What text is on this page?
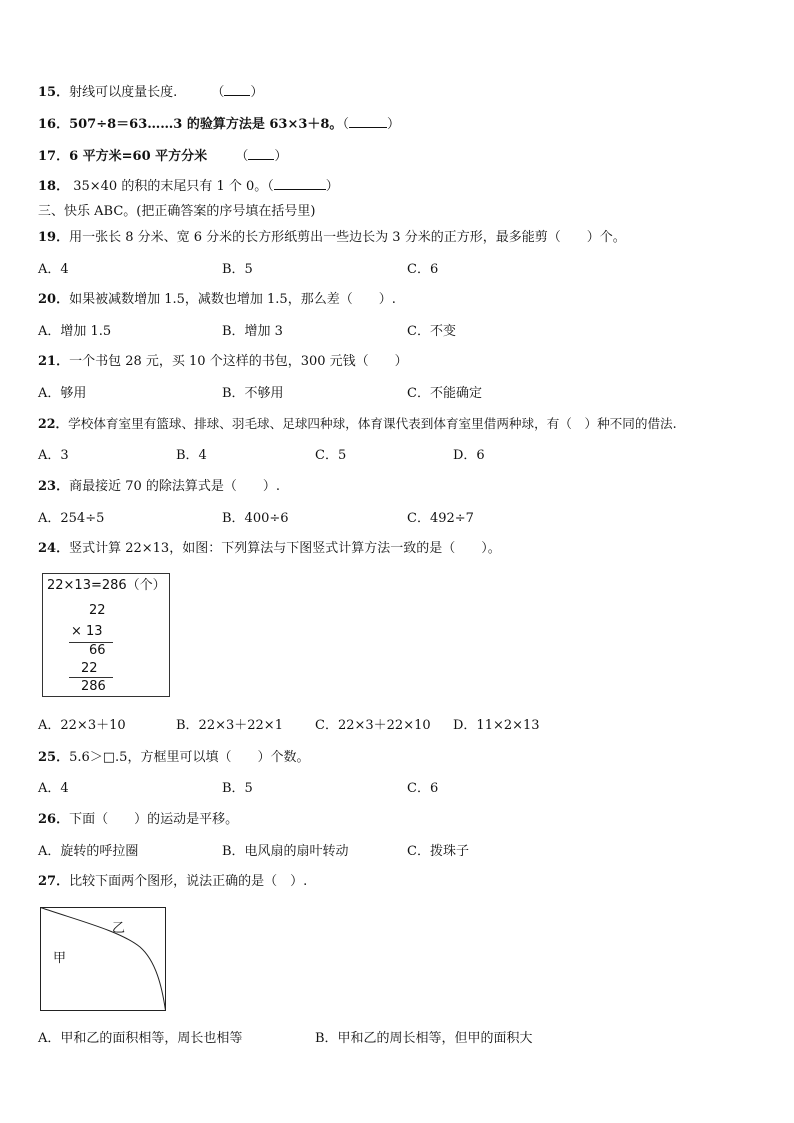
15．射线可以度量长度.	（ ）
16．507÷8＝63……3 的验算方法是 63×3＋8。（	）
17．6 平方米=60 平方分米 （ ）
18． 35×40 的积的末尾只有 1 个 0。（	）
三、快乐 ABC。(把正确答案的序号填在括号里)
19．用一张长 8 分米、宽 6 分米的长方形纸剪出一些边长为 3 分米的正方形，最多能剪（　　）个。
A．4	B．5	C．6
20．如果被减数增加 1.5，减数也增加 1.5，那么差（　　）.
A．增加 1.5	B．增加 3	C．不变
21．一个书包 28 元，买 10 个这样的书包，300 元钱（　　）
A．够用	B．不够用	C．不能确定
22．学校体育室里有篮球、排球、羽毛球、足球四种球，体育课代表到体育室里借两种球，有（　）种不同的借法.
A．3	B．4	C．5	D．6
23．商最接近 70 的除法算式是（　　）.
A．254÷5	B．400÷6	C．492÷7
24．竖式计算 22×13，如图：下列算法与下图竖式计算方法一致的是（　　）。
22×13=286（个）
22
× 13
66
22
286
A．22×3＋10	B．22×3＋22×1 C．22×3＋22×10 D．11×2×13
25．5.6＞□.5，方框里可以填（　　）个数。
A．4	B．5	C．6
26．下面（　　）的运动是平移。
A．旋转的呼拉圈	B．电风扇的扇叶转动	C．拨珠子
27．比较下面两个图形，说法正确的是（　）.
乙
甲
A．甲和乙的面积相等，周长也相等	B．甲和乙的周长相等，但甲的面积大
